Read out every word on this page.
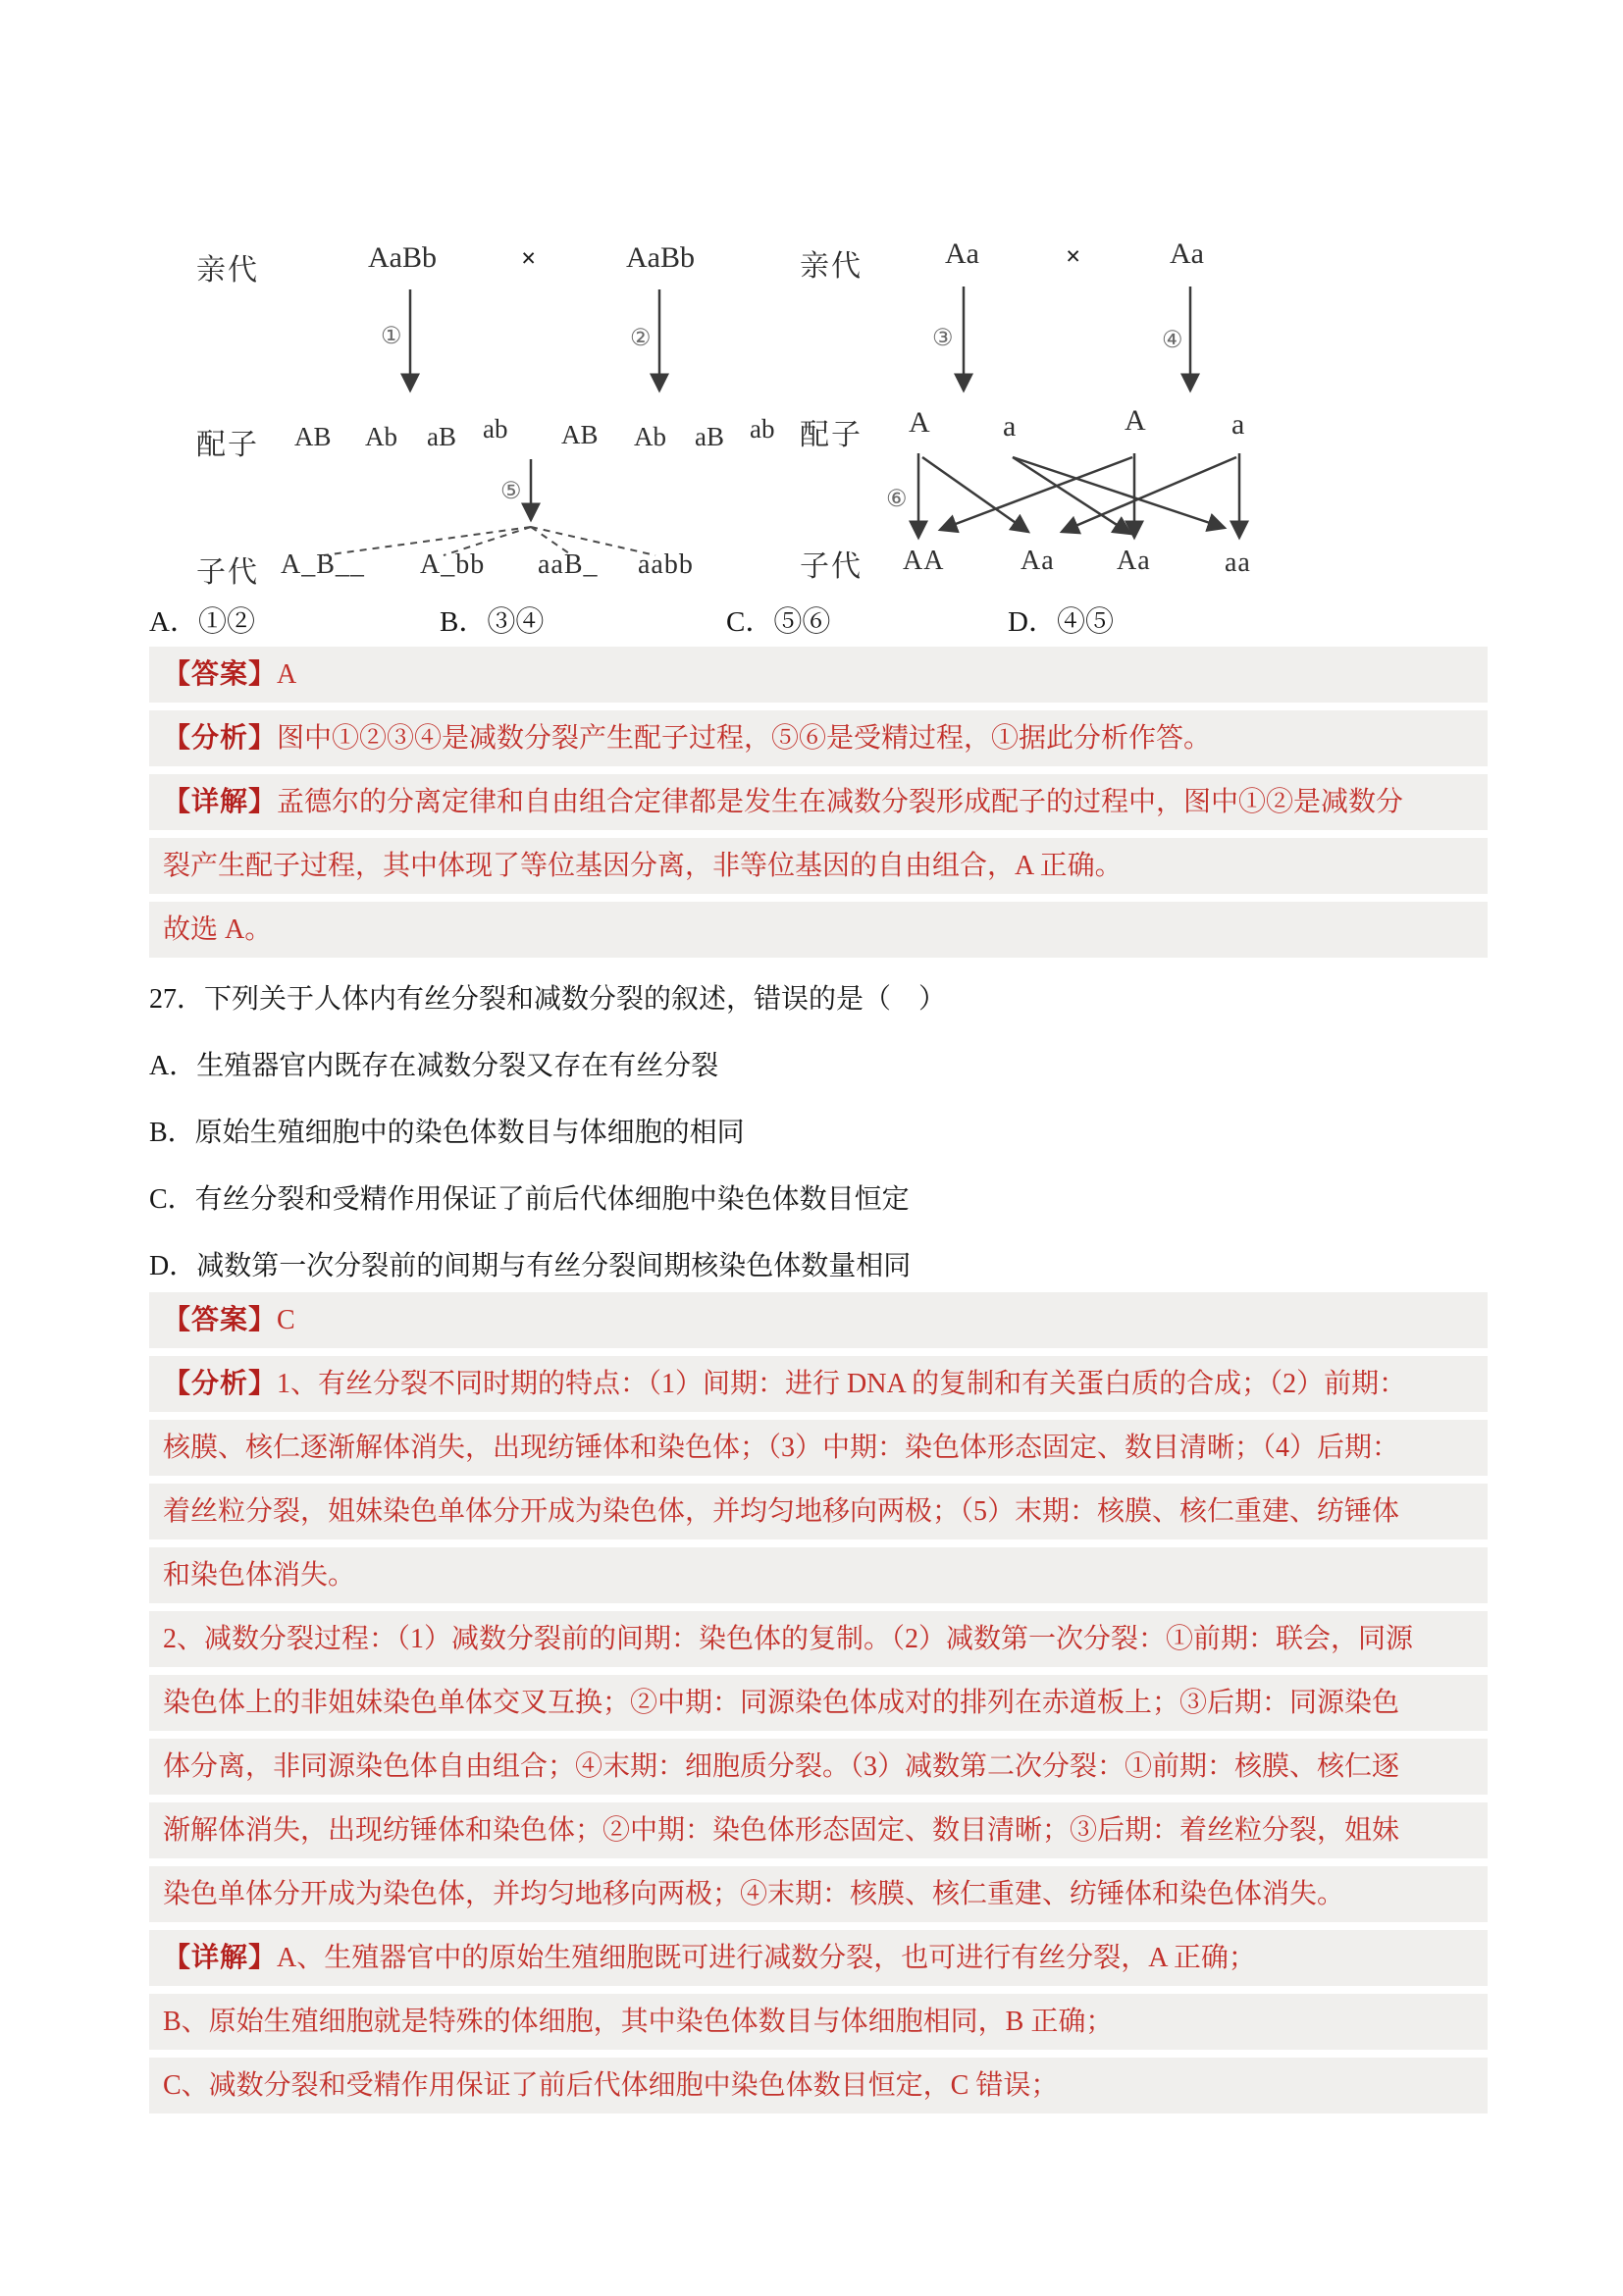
亲代	AaBb	×	AaBb
①	②
配子 AB Ab aB ab AB Ab aB ab
⑤
子代 A_B__ A_bb aaB_ aabb
亲代	Aa	×	Aa
③	④
配子 A a	A	a
⑥
子代 AA	Aa Aa	aa
A．①②	B．③④	C．⑤⑥	D．④⑤
【答案】A
【分析】图中①②③④是减数分裂产生配子过程，⑤⑥是受精过程，①据此分析作答。
【详解】孟德尔的分离定律和自由组合定律都是发生在减数分裂形成配子的过程中，图中①②是减数分
裂产生配子过程，其中体现了等位基因分离，非等位基因的自由组合，A 正确。
故选 A。
27．下列关于人体内有丝分裂和减数分裂的叙述，错误的是（　）
A．生殖器官内既存在减数分裂又存在有丝分裂
B．原始生殖细胞中的染色体数目与体细胞的相同
C．有丝分裂和受精作用保证了前后代体细胞中染色体数目恒定
D．减数第一次分裂前的间期与有丝分裂间期核染色体数量相同
【答案】C
【分析】1、有丝分裂不同时期的特点：（1）间期：进行 DNA 的复制和有关蛋白质的合成；（2）前期：
核膜、核仁逐渐解体消失，出现纺锤体和染色体；（3）中期：染色体形态固定、数目清晰；（4）后期：
着丝粒分裂，姐妹染色单体分开成为染色体，并均匀地移向两极；（5）末期：核膜、核仁重建、纺锤体
和染色体消失。
2、减数分裂过程：（1）减数分裂前的间期：染色体的复制。（2）减数第一次分裂：①前期：联会，同源
染色体上的非姐妹染色单体交叉互换；②中期：同源染色体成对的排列在赤道板上；③后期：同源染色
体分离，非同源染色体自由组合；④末期：细胞质分裂。（3）减数第二次分裂：①前期：核膜、核仁逐
渐解体消失，出现纺锤体和染色体；②中期：染色体形态固定、数目清晰；③后期：着丝粒分裂，姐妹
染色单体分开成为染色体，并均匀地移向两极；④末期：核膜、核仁重建、纺锤体和染色体消失。
【详解】A、生殖器官中的原始生殖细胞既可进行减数分裂，也可进行有丝分裂，A 正确；
B、原始生殖细胞就是特殊的体细胞，其中染色体数目与体细胞相同，B 正确；
C、减数分裂和受精作用保证了前后代体细胞中染色体数目恒定，C 错误；
